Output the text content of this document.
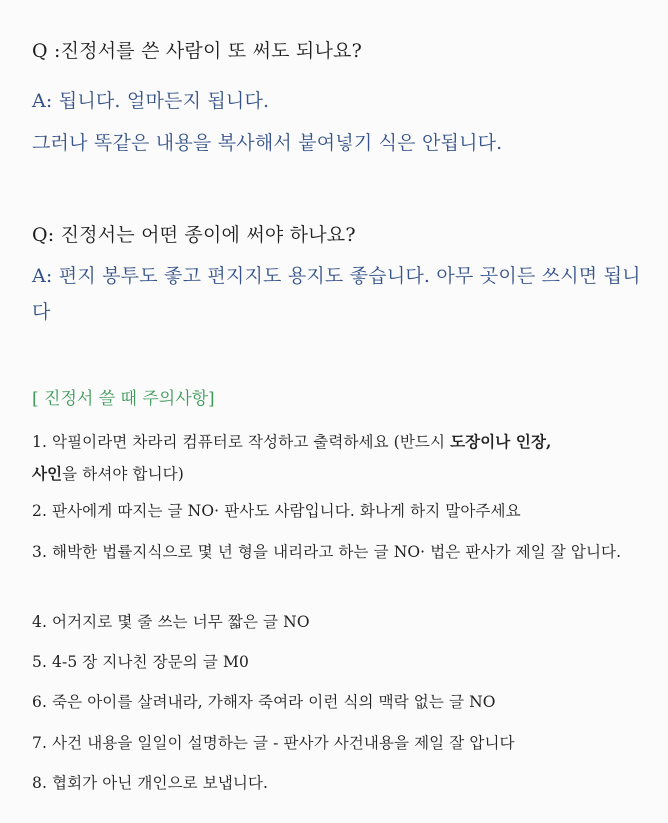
Q :진정서를 쓴 사람이 또 써도 되나요?
A: 됩니다. 얼마든지 됩니다.
그러나 똑같은 내용을 복사해서 붙여넣기 식은 안됩니다.
Q: 진정서는 어떤 종이에 써야 하나요?
A: 편지 봉투도 좋고 편지지도 용지도 좋습니다. 아무 곳이든 쓰시면 됩니다
[ 진정서 쓸 때 주의사항]
1. 악필이라면 차라리 컴퓨터로 작성하고 출력하세요 (반드시 도장이나 인장,
사인을 하셔야 합니다)
2. 판사에게 따지는 글 NO· 판사도 사람입니다. 화나게 하지 말아주세요
3. 해박한 법률지식으로 몇 년 형을 내리라고 하는 글 NO· 법은 판사가 제일 잘 압니다.
4. 어거지로 몇 줄 쓰는 너무 짧은 글 NO
5. 4-5 장 지나친 장문의 글 M0
6. 죽은 아이를 살려내라, 가해자 죽여라 이런 식의 맥락 없는 글 NO
7. 사건 내용을 일일이 설명하는 글 - 판사가 사건내용을 제일 잘 압니다
8. 협회가 아닌 개인으로 보냅니다.
